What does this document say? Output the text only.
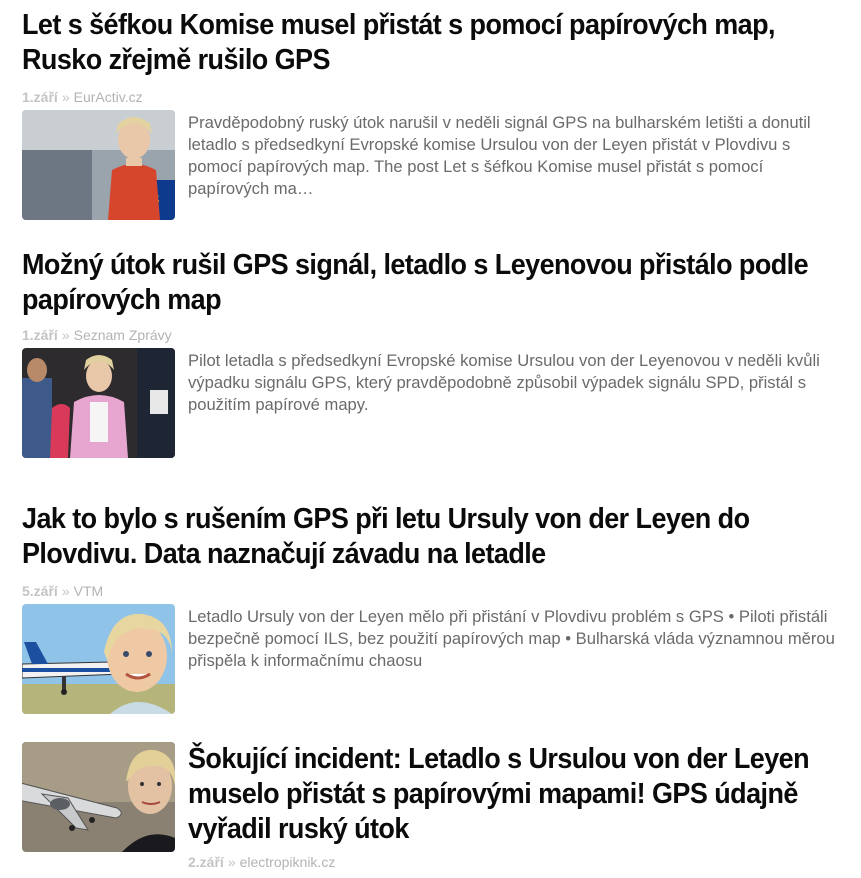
Let s šéfkou Komise musel přistát s pomocí papírových map, Rusko zřejmě rušilo GPS
1.září » EurActiv.cz
Pravděpodobný ruský útok narušil v neděli signál GPS na bulharském letišti a donutil letadlo s předsedkyní Evropské komise Ursulou von der Leyen přistát v Plovdivu s pomocí papírových map. The post Let s šéfkou Komise musel přistát s pomocí papírových ma…
Možný útok rušil GPS signál, letadlo s Leyenovou přistálo podle papírových map
1.září » Seznam Zprávy
Pilot letadla s předsedkyní Evropské komise Ursulou von der Leyenovou v neděli kvůli výpadku signálu GPS, který pravděpodobně způsobil výpadek signálu SPD, přistál s použitím papírové mapy.
Jak to bylo s rušením GPS při letu Ursuly von der Leyen do Plovdivu. Data naznačují závadu na letadle
5.září » VTM
Letadlo Ursuly von der Leyen mělo při přistání v Plovdivu problém s GPS • Piloti přistáli bezpečně pomocí ILS, bez použití papírových map • Bulharská vláda významnou měrou přispěla k informačnímu chaosu
Šokující incident: Letadlo s Ursulou von der Leyen muselo přistát s papírovými mapami! GPS údajně vyřadil ruský útok
2.září » electropiknik.cz
